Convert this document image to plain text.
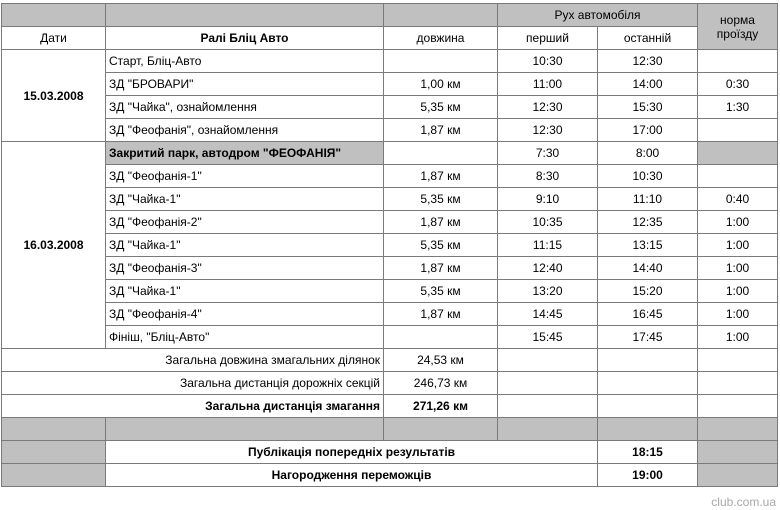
			Рух автомобіля		норма
проїзду
Дати	Ралі Бліц Авто	довжина	перший	останній	
15.03.2008	Старт, Бліц-Авто		10:30	12:30	
	ЗД "БРОВАРИ"	1,00 км	11:00	14:00	0:30
	ЗД "Чайка", ознайомлення	5,35 км	12:30	15:30	1:30
	ЗД "Феофанія", ознайомлення	1,87 км	12:30	17:00	
16.03.2008	Закритий парк, автодром "ФЕОФАНІЯ"		7:30	8:00	
	ЗД "Феофанія-1"	1,87 км	8:30	10:30	
	ЗД "Чайка-1"	5,35 км	9:10	11:10	0:40
	ЗД "Феофанія-2"	1,87 км	10:35	12:35	1:00
	ЗД "Чайка-1"	5,35 км	11:15	13:15	1:00
	ЗД "Феофанія-3"	1,87 км	12:40	14:40	1:00
	ЗД "Чайка-1"	5,35 км	13:20	15:20	1:00
	ЗД "Феофанія-4"	1,87 км	14:45	16:45	1:00
	Фініш, "Бліц-Авто"		15:45	17:45	1:00
Загальна довжина змагальних ділянок		24,53 км			
Загальна дистанція дорожніх секцій		246,73 км			
Загальна дистанція змагання		271,26 км			

	Публікація попередніх результатів			18:15	
	Нагородження переможців			19:00	
club.com.ua
